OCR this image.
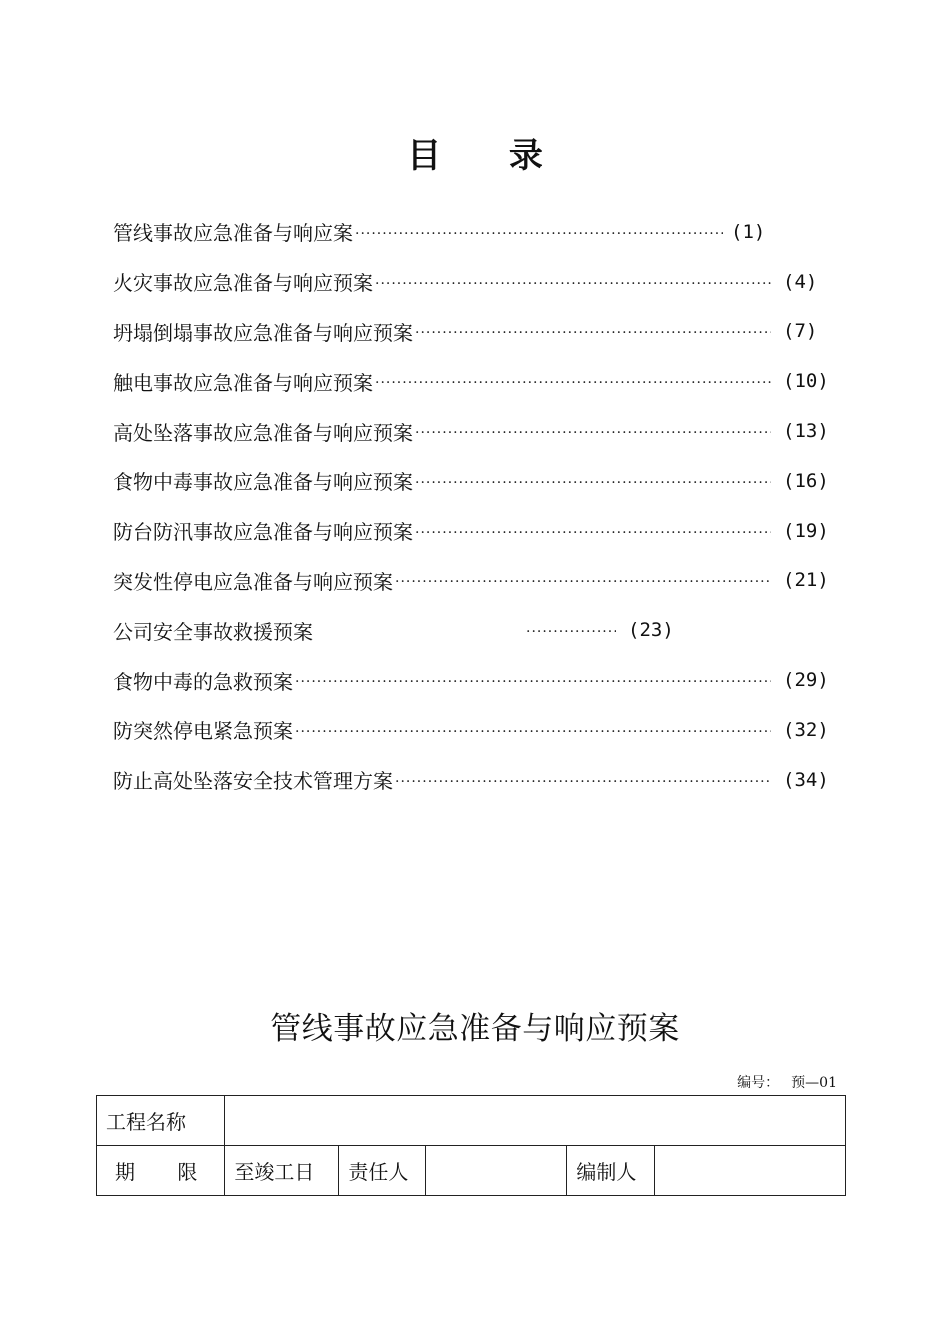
目 录
管线事故应急准备与响应案 ·····	(1)
火灾事故应急准备与响应预案 ·····	(4)
坍塌倒塌事故应急准备与响应预案 ·····	(7)
触电事故应急准备与响应预案 ·····	(10)
高处坠落事故应急准备与响应预案 ·····	(13)
食物中毒事故应急准备与响应预案 ·····	(16)
防台防汛事故应急准备与响应预案 ·····	(19)
突发性停电应急准备与响应预案 ·····	(21)
公司安全事故救援预案 ·····	(23)
食物中毒的急救预案 ·····	(29)
防突然停电紧急预案 ·····	(32)
防止高处坠落安全技术管理方案 ·····	(34)
管线事故应急准备与响应预案
编号： 预—01
工程名称					
期 限	至竣工日	责任人		编制人	
